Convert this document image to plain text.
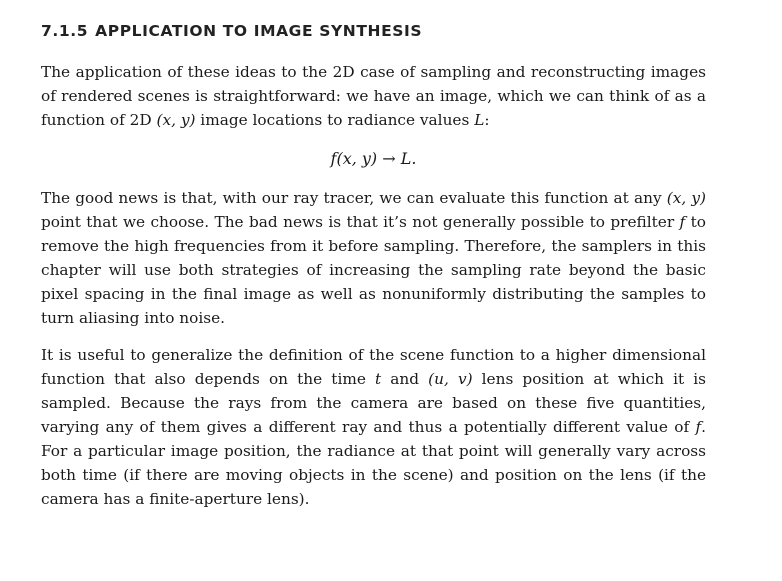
7.1.5 APPLICATION TO IMAGE SYNTHESIS

The application of these ideas to the 2D case of sampling and reconstructing images of rendered scenes is straightforward: we have an image, which we can think of as a function of 2D (x, y) image locations to radiance values L:

f(x, y) → L.

The good news is that, with our ray tracer, we can evaluate this function at any (x, y) point that we choose. The bad news is that it’s not generally possible to prefilter f to remove the high frequencies from it before sampling. Therefore, the samplers in this chapter will use both strategies of increasing the sampling rate beyond the basic pixel spacing in the final image as well as nonuniformly distributing the samples to turn aliasing into noise.

It is useful to generalize the definition of the scene function to a higher dimensional function that also depends on the time t and (u, v) lens position at which it is sampled. Because the rays from the camera are based on these five quantities, varying any of them gives a different ray and thus a potentially different value of f. For a particular image position, the radiance at that point will generally vary across both time (if there are moving objects in the scene) and position on the lens (if the camera has a finite-aperture lens).
